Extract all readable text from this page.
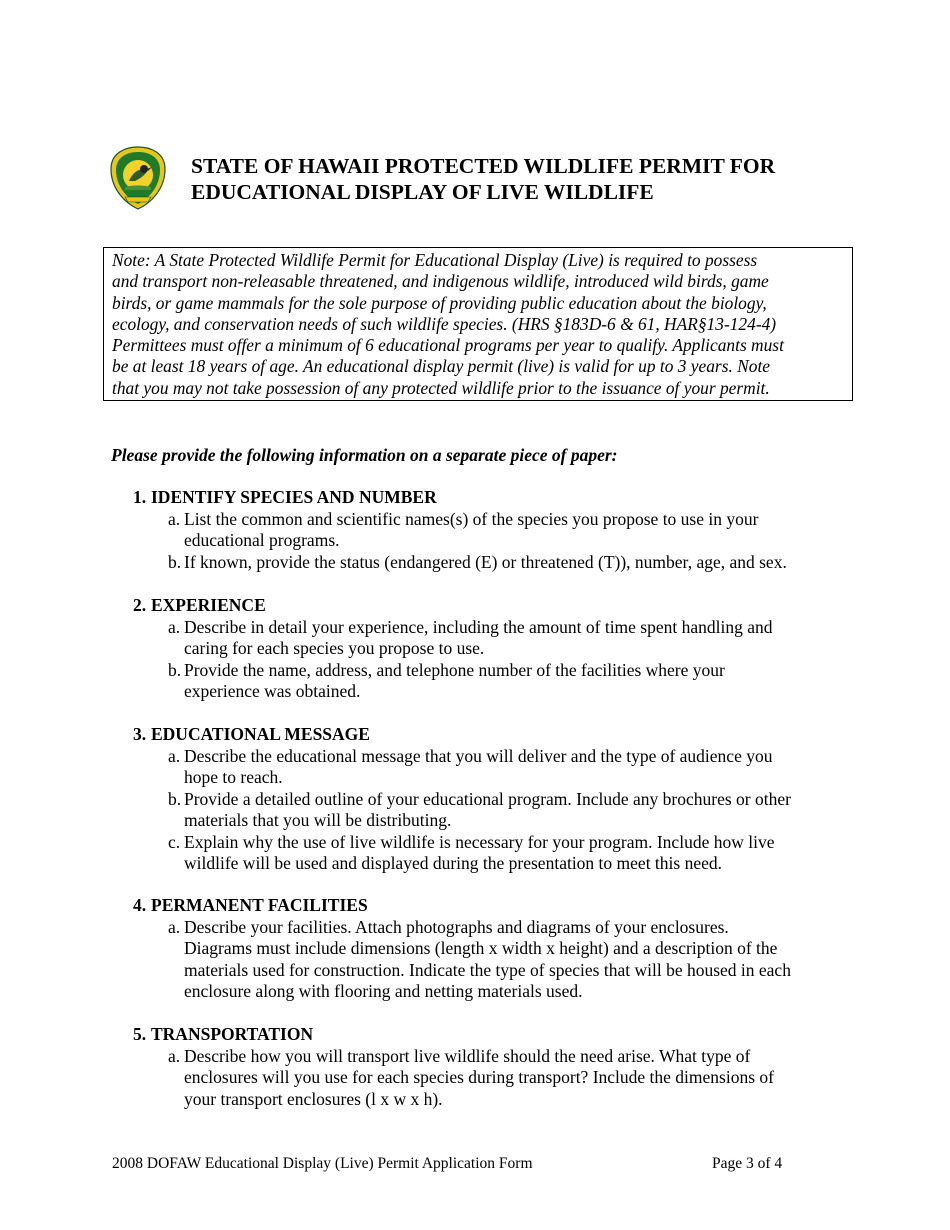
STATE OF HAWAII PROTECTED WILDLIFE PERMIT FOR
EDUCATIONAL DISPLAY OF LIVE WILDLIFE
Note: A State Protected Wildlife Permit for Educational Display (Live) is required to possess
and transport non-releasable threatened, and indigenous wildlife, introduced wild birds, game
birds, or game mammals for the sole purpose of providing public education about the biology,
ecology, and conservation needs of such wildlife species. (HRS §183D-6 & 61, HAR§13-124-4)
Permittees must offer a minimum of 6 educational programs per year to qualify. Applicants must
be at least 18 years of age. An educational display permit (live) is valid for up to 3 years. Note
that you may not take possession of any protected wildlife prior to the issuance of your permit.
Please provide the following information on a separate piece of paper:
1. IDENTIFY SPECIES AND NUMBER
a. List the common and scientific names(s) of the species you propose to use in your
educational programs.
b. If known, provide the status (endangered (E) or threatened (T)), number, age, and sex.
2. EXPERIENCE
a. Describe in detail your experience, including the amount of time spent handling and
caring for each species you propose to use.
b. Provide the name, address, and telephone number of the facilities where your
experience was obtained.
3. EDUCATIONAL MESSAGE
a. Describe the educational message that you will deliver and the type of audience you
hope to reach.
b. Provide a detailed outline of your educational program. Include any brochures or other
materials that you will be distributing.
c. Explain why the use of live wildlife is necessary for your program. Include how live
wildlife will be used and displayed during the presentation to meet this need.
4. PERMANENT FACILITIES
a. Describe your facilities. Attach photographs and diagrams of your enclosures.
Diagrams must include dimensions (length x width x height) and a description of the
materials used for construction. Indicate the type of species that will be housed in each
enclosure along with flooring and netting materials used.
5. TRANSPORTATION
a. Describe how you will transport live wildlife should the need arise. What type of
enclosures will you use for each species during transport? Include the dimensions of
your transport enclosures (l x w x h).
2008 DOFAW Educational Display (Live) Permit Application Form	Page 3 of 4
